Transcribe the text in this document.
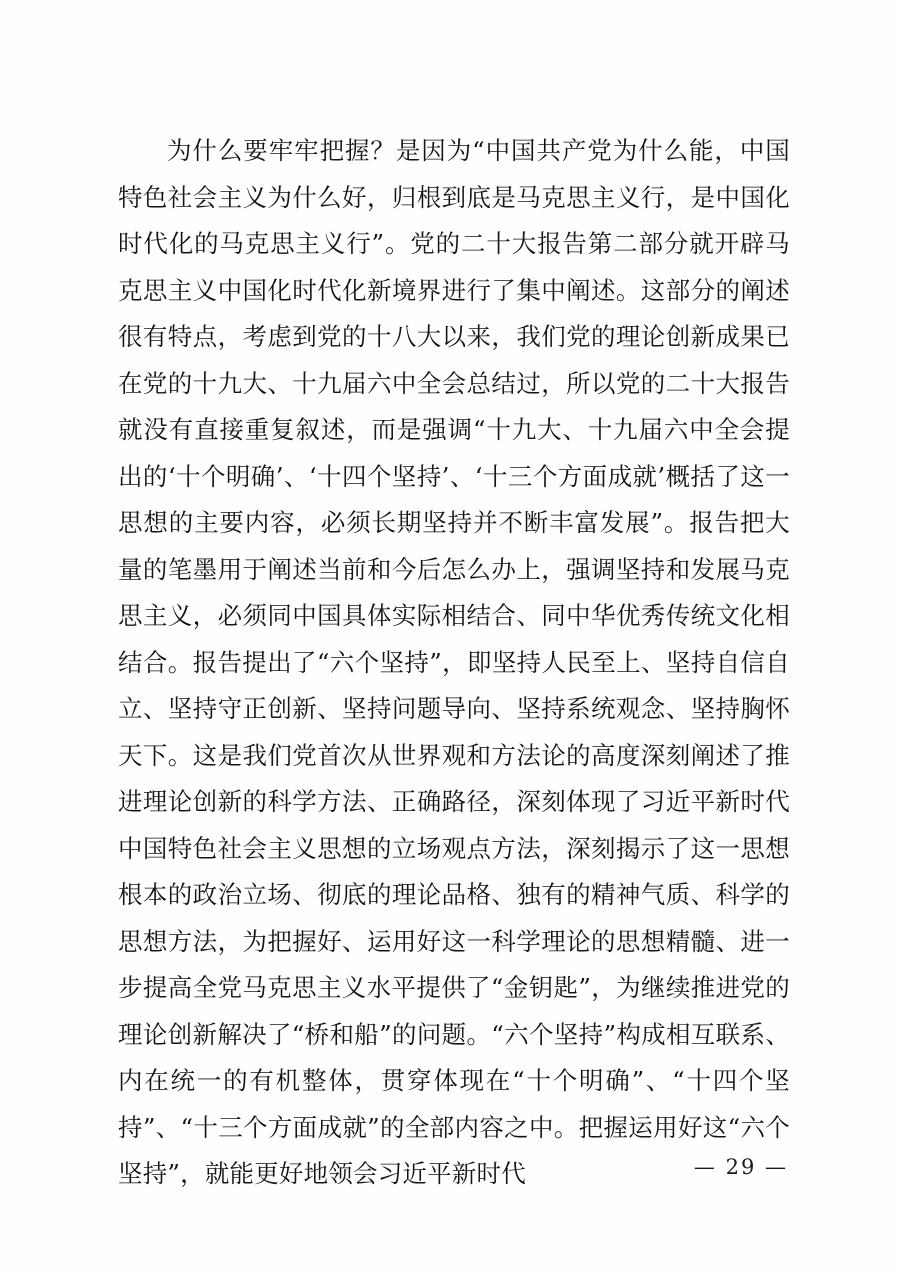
为什么要牢牢把握？是因为“中国共产党为什么能，中国特色社会主义为什么好，归根到底是马克思主义行，是中国化时代化的马克思主义行”。党的二十大报告第二部分就开辟马克思主义中国化时代化新境界进行了集中阐述。这部分的阐述很有特点，考虑到党的十八大以来，我们党的理论创新成果已在党的十九大、十九届六中全会总结过，所以党的二十大报告就没有直接重复叙述，而是强调“十九大、十九届六中全会提出的‘十个明确’、‘十四个坚持’、‘十三个方面成就’概括了这一思想的主要内容，必须长期坚持并不断丰富发展”。报告把大量的笔墨用于阐述当前和今后怎么办上，强调坚持和发展马克思主义，必须同中国具体实际相结合、同中华优秀传统文化相结合。报告提出了“六个坚持”，即坚持人民至上、坚持自信自立、坚持守正创新、坚持问题导向、坚持系统观念、坚持胸怀天下。这是我们党首次从世界观和方法论的高度深刻阐述了推进理论创新的科学方法、正确路径，深刻体现了习近平新时代中国特色社会主义思想的立场观点方法，深刻揭示了这一思想根本的政治立场、彻底的理论品格、独有的精神气质、科学的思想方法，为把握好、运用好这一科学理论的思想精髓、进一步提高全党马克思主义水平提供了“金钥匙”，为继续推进党的理论创新解决了“桥和船”的问题。“六个坚持”构成相互联系、内在统一的有机整体，贯穿体现在“十个明确”、“十四个坚持”、“十三个方面成就”的全部内容之中。把握运用好这“六个坚持”，就能更好地领会习近平新时代	— 29 —
